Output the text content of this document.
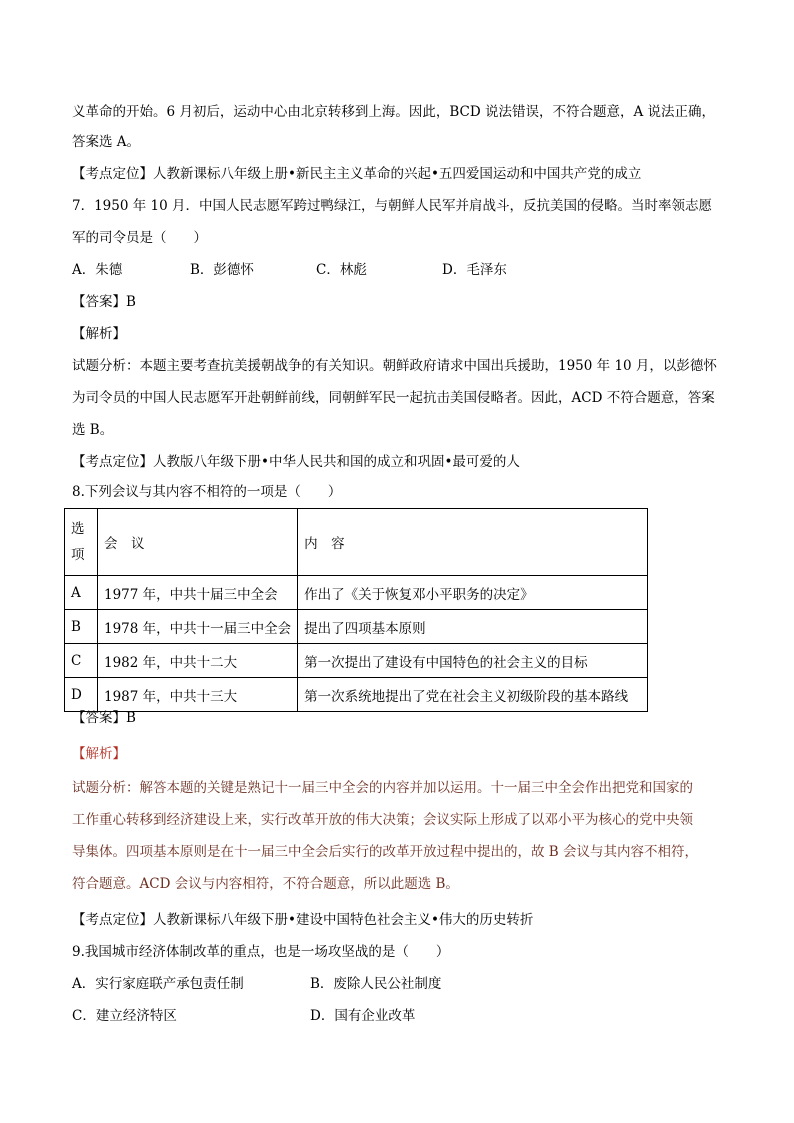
义革命的开始。6 月初后，运动中心由北京转移到上海。因此，BCD 说法错误，不符合题意，A 说法正确，
答案选 A。
【考点定位】人教新课标八年级上册•新民主主义革命的兴起•五四爱国运动和中国共产党的成立
7．1950 年 10 月．中国人民志愿军跨过鸭绿江，与朝鲜人民军并肩战斗，反抗美国的侵略。当时率领志愿
军的司令员是（　　）
A．朱德	B．彭德怀	C．林彪	D．毛泽东
【答案】B
【解析】
试题分析：本题主要考查抗美援朝战争的有关知识。朝鲜政府请求中国出兵援助，1950 年 10 月，以彭德怀
为司令员的中国人民志愿军开赴朝鲜前线，同朝鲜军民一起抗击美国侵略者。因此，ACD 不符合题意，答案
选 B。
【考点定位】人教版八年级下册•中华人民共和国的成立和巩固•最可爱的人
8.下列会议与其内容不相符的一项是（　　）
选项	会　议	内　容
A	1977 年，中共十届三中全会	作出了《关于恢复邓小平职务的决定》
B	1978 年，中共十一届三中全会	提出了四项基本原则
C	1982 年，中共十二大	第一次提出了建设有中国特色的社会主义的目标
D	1987 年，中共十三大	第一次系统地提出了党在社会主义初级阶段的基本路线
【答案】B
【解析】
试题分析：解答本题的关键是熟记十一届三中全会的内容并加以运用。十一届三中全会作出把党和国家的
工作重心转移到经济建设上来，实行改革开放的伟大决策；会议实际上形成了以邓小平为核心的党中央领
导集体。四项基本原则是在十一届三中全会后实行的改革开放过程中提出的，故 B 会议与其内容不相符，
符合题意。ACD 会议与内容相符，不符合题意，所以此题选 B。
【考点定位】人教新课标八年级下册•建设中国特色社会主义•伟大的历史转折
9.我国城市经济体制改革的重点，也是一场攻坚战的是（　　）
A．实行家庭联产承包责任制	B．废除人民公社制度
C．建立经济特区	D．国有企业改革
